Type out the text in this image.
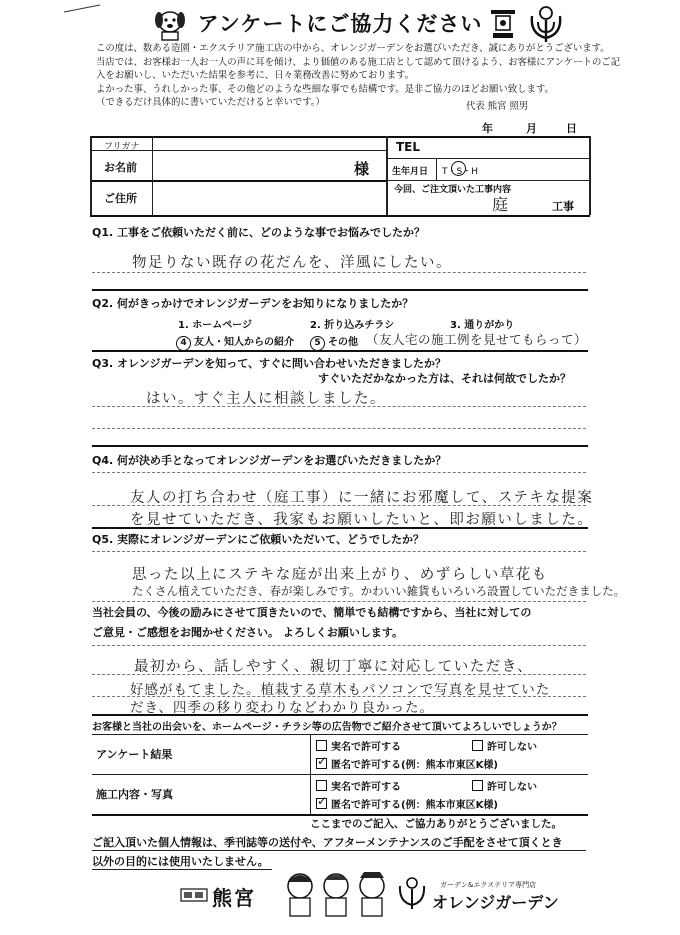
アンケートにご協力ください
この度は、数ある造園・エクステリア施工店の中から、オレンジガーデンをお選びいただき、誠にありがとうございます。
当店では、お客様お一人お一人の声に耳を傾け、より価値のある施工店として認めて頂けるよう、お客様にアンケートのご記
入をお願いし、いただいた結果を参考に、日々業務改善に努めております。
よかった事、うれしかった事、その他どのような些細な事でも結構です。是非ご協力のほどお願い致します。
（できるだけ具体的に書いていただけると幸いです。）	代表 熊宮 照男
年	月	日
フリガナ
お名前	様
TEL
生年月日 T・S・H
ご住所
今回、ご注文頂いた工事内容
庭	工事
Q1. 工事をご依頼いただく前に、どのような事でお悩みでしたか？
物足りない既存の花だんを、洋風にしたい。
Q2. 何がきっかけでオレンジガーデンをお知りになりましたか？
1. ホームページ	2. 折り込みチラシ	3. 通りがかり
4 友人・知人からの紹介	5 その他 （友人宅の施工例を見せてもらって）
Q3. オレンジガーデンを知って、すぐに問い合わせいただきましたか？
すぐいただかなかった方は、それは何故でしたか？
はい。すぐ主人に相談しました。
Q4. 何が決め手となってオレンジガーデンをお選びいただきましたか？
友人の打ち合わせ（庭工事）に一緒にお邪魔して、ステキな提案
を見せていただき、我家もお願いしたいと、即お願いしました。
Q5. 実際にオレンジガーデンにご依頼いただいて、どうでしたか？
思った以上にステキな庭が出来上がり、めずらしい草花も
たくさん植えていただき、春が楽しみです。かわいい雑貨もいろいろ設置していただきました。
当社会員の、今後の励みにさせて頂きたいので、簡単でも結構ですから、当社に対しての
ご意見・ご感想をお聞かせください。 よろしくお願いします。
最初から、話しやすく、親切丁寧に対応していただき、
好感がもてました。植栽する草木もパソコンで写真を見せていた
だき、四季の移り変わりなどわかり良かった。
お客様と当社の出会いを、ホームページ・チラシ等の広告物でご紹介させて頂いてよろしいでしょうか？
アンケート結果
実名で許可する	許可しない
✓匿名で許可する(例：熊本市東区K様)
施工内容・写真
実名で許可する	許可しない
✓匿名で許可する(例：熊本市東区K様)
ここまでのご記入、ご協力ありがとうございました。
ご記入頂いた個人情報は、季刊誌等の送付や、アフターメンテナンスのご手配をさせて頂くとき
以外の目的には使用いたしません。
熊宮
ガーデン&エクステリア専門店
オレンジガーデン
